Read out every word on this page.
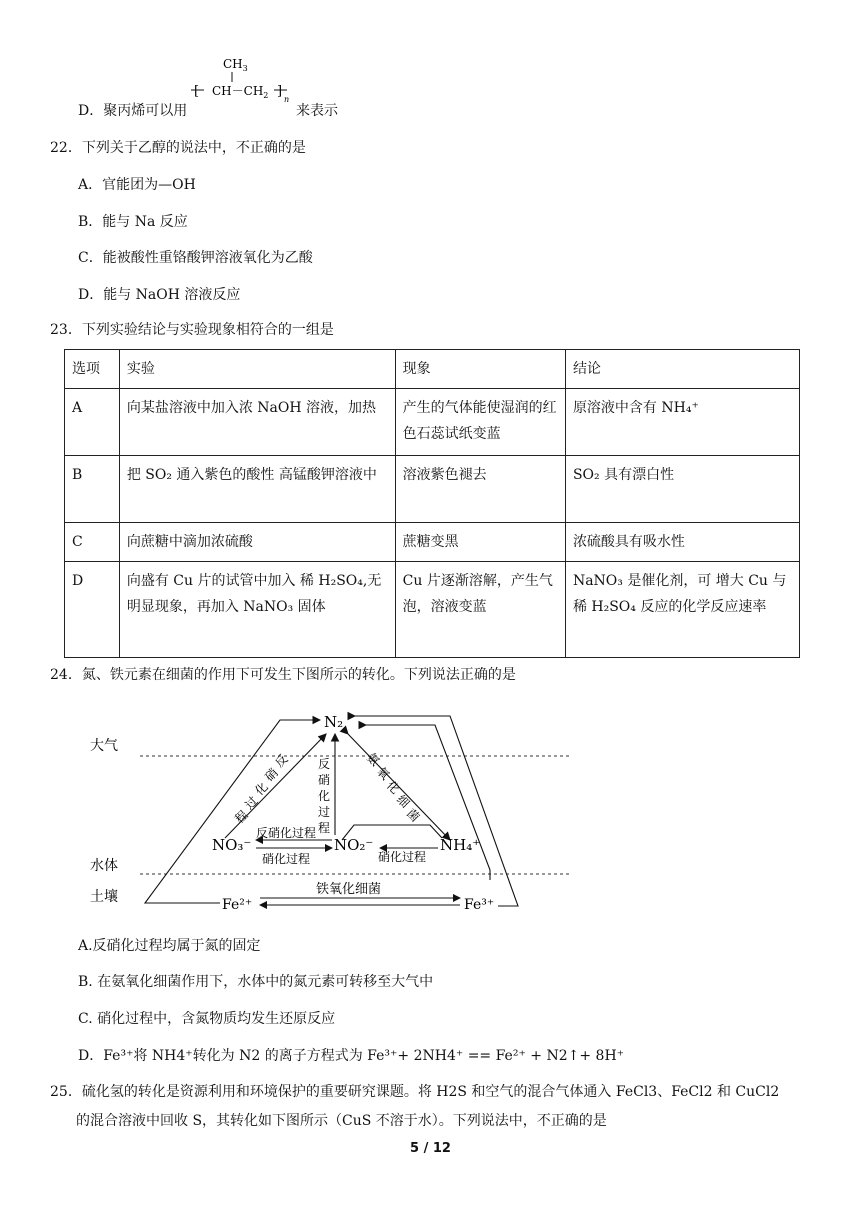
D．聚丙烯可以用
$CH_3$
[ $CH-CH_2$ ]
n
来表示
22．下列关于乙醇的说法中，不正确的是
A．官能团为—OH
B．能与 Na 反应
C．能被酸性重铬酸钾溶液氧化为乙酸
D．能与 NaOH 溶液反应
23．下列实验结论与实验现象相符合的一组是
选项	实验	现象	结论
A	向某盐溶液中加入浓 NaOH 溶液，加热	产生的气体能使湿润的红色石蕊试纸变蓝	原溶液中含有 NH₄⁺
B	把 SO₂ 通入紫色的酸性 高锰酸钾溶液中	溶液紫色褪去	SO₂ 具有漂白性
C	向蔗糖中滴加浓硫酸	蔗糖变黑	浓硫酸具有吸水性
D	向盛有 Cu 片的试管中加入 稀 H₂SO₄,无明显现象，再加入 NaNO₃ 固体	Cu 片逐渐溶解，产生气泡，溶液变蓝	NaNO₃ 是催化剂，可 增大 Cu 与稀 H₂SO₄ 反应的化学反应速率
24．氮、铁元素在细菌的作用下可发生下图所示的转化。下列说法正确的是
大气
水体
土壤
N₂
NO₃⁻	NO₂⁻	NH₄⁺
反硝化过程
硝化过程	硝化过程
反
硝
化
过
程
反
硝
化
过
程
氨
氧
化
细
菌
Fe²⁺	Fe³⁺
铁氧化细菌
A.反硝化过程均属于氮的固定
B. 在氨氧化细菌作用下，水体中的氮元素可转移至大气中
C. 硝化过程中，含氮物质均发生还原反应
D．Fe³⁺将 NH4⁺转化为 N2 的离子方程式为 Fe³⁺+ 2NH4⁺ == Fe²⁺ + N2↑+ 8H⁺
25．硫化氢的转化是资源利用和环境保护的重要研究课题。将 H2S 和空气的混合气体通入 FeCl3、FeCl2 和 CuCl2
的混合溶液中回收 S，其转化如下图所示（CuS 不溶于水）。下列说法中，不正确的是
5 / 12
